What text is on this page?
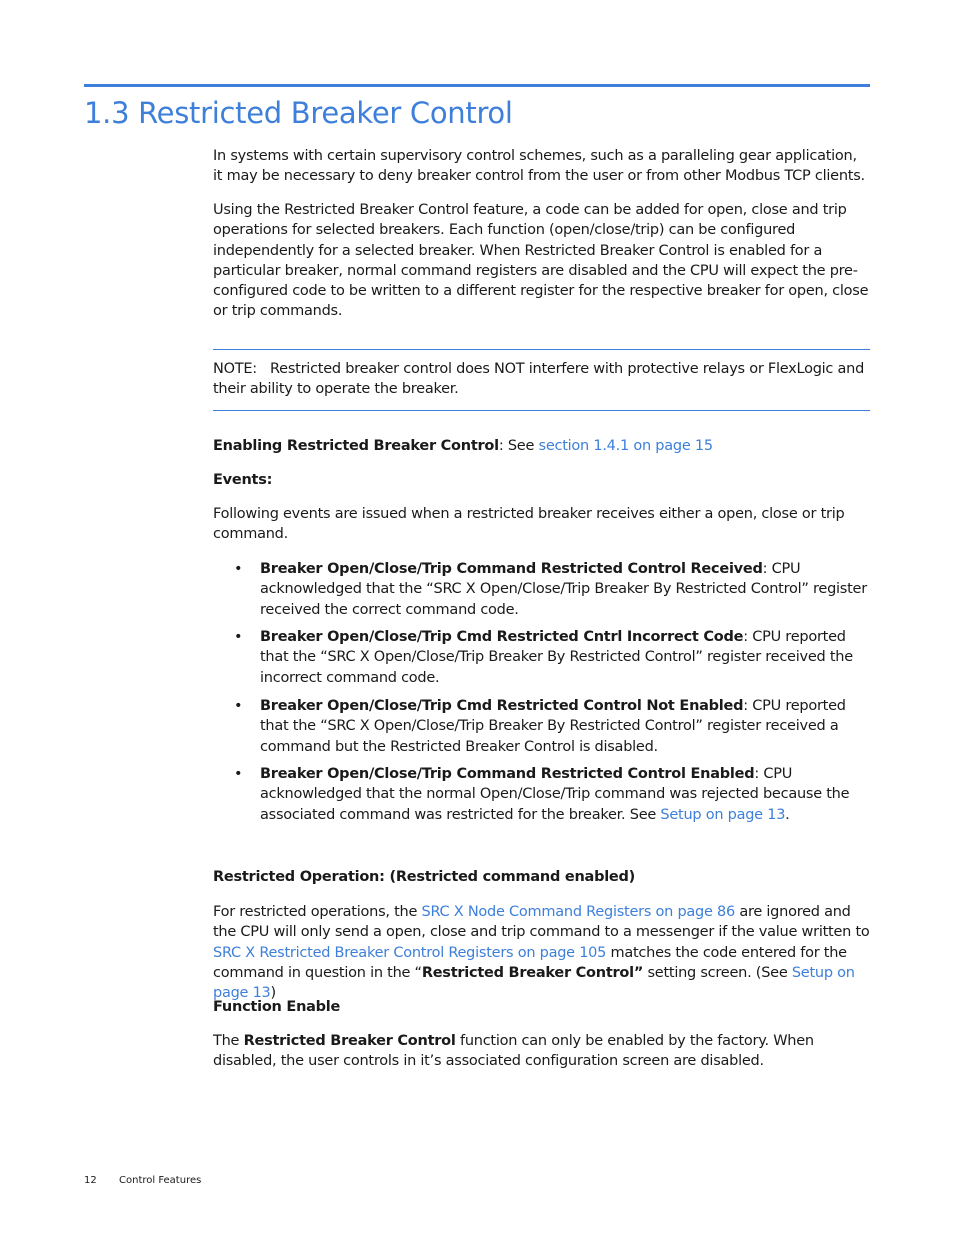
1.3 Restricted Breaker Control

In systems with certain supervisory control schemes, such as a paralleling gear application, it may be necessary to deny breaker control from the user or from other Modbus TCP clients.

Using the Restricted Breaker Control feature, a code can be added for open, close and trip operations for selected breakers. Each function (open/close/trip) can be configured independently for a selected breaker. When Restricted Breaker Control is enabled for a particular breaker, normal command registers are disabled and the CPU will expect the pre-configured code to be written to a different register for the respective breaker for open, close or trip commands.

NOTE: Restricted breaker control does NOT interfere with protective relays or FlexLogic and their ability to operate the breaker.

Enabling Restricted Breaker Control: See section 1.4.1 on page 15

Events:

Following events are issued when a restricted breaker receives either a open, close or trip command.

• Breaker Open/Close/Trip Command Restricted Control Received: CPU acknowledged that the “SRC X Open/Close/Trip Breaker By Restricted Control” register received the correct command code.

• Breaker Open/Close/Trip Cmd Restricted Cntrl Incorrect Code: CPU reported that the “SRC X Open/Close/Trip Breaker By Restricted Control” register received the incorrect command code.

• Breaker Open/Close/Trip Cmd Restricted Control Not Enabled: CPU reported that the “SRC X Open/Close/Trip Breaker By Restricted Control” register received a command but the Restricted Breaker Control is disabled.

• Breaker Open/Close/Trip Command Restricted Control Enabled: CPU acknowledged that the normal Open/Close/Trip command was rejected because the associated command was restricted for the breaker. See Setup on page 13.

Restricted Operation: (Restricted command enabled)

For restricted operations, the SRC X Node Command Registers on page 86 are ignored and the CPU will only send a open, close and trip command to a messenger if the value written to SRC X Restricted Breaker Control Registers on page 105 matches the code entered for the command in question in the “Restricted Breaker Control” setting screen. (See Setup on page 13)

Function Enable

The Restricted Breaker Control function can only be enabled by the factory. When disabled, the user controls in it’s associated configuration screen are disabled.

12 Control Features
